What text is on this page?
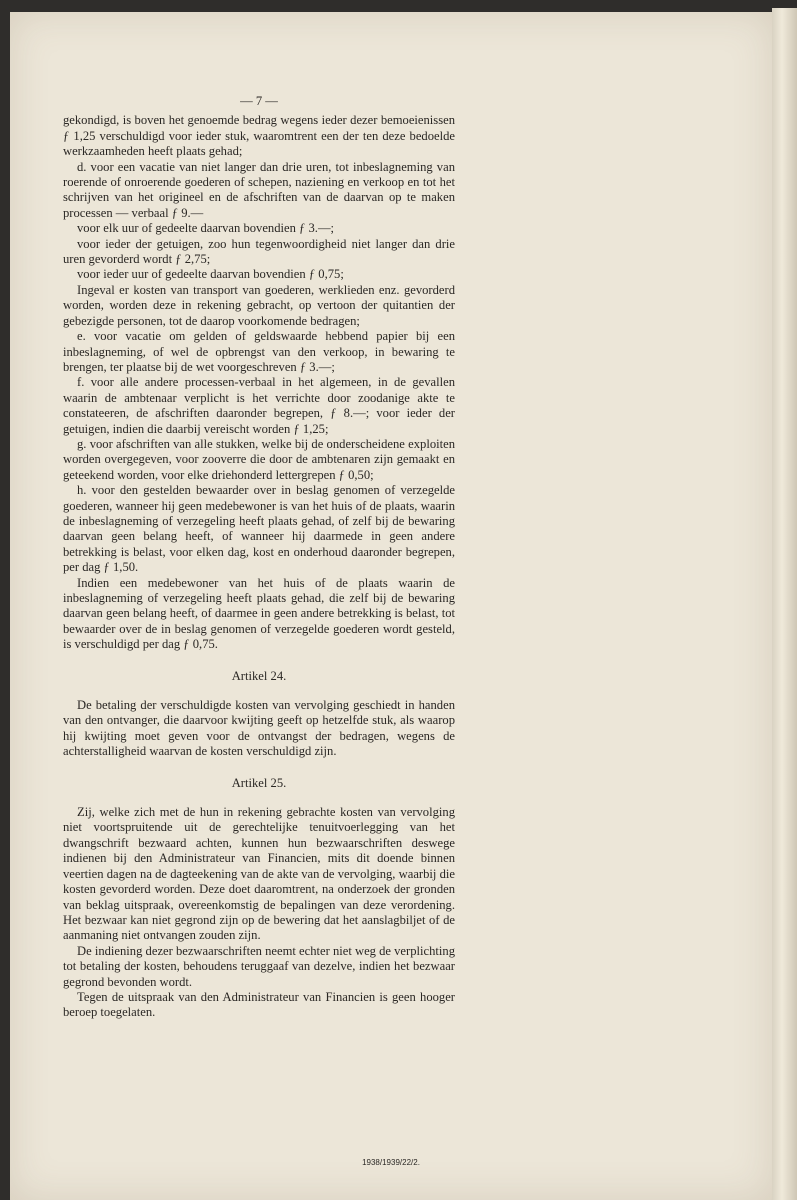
1938/1939/22/2.

— 7 —

gekondigd, is boven het genoemde bedrag wegens ieder dezer bemoeienissen ƒ 1,25 verschuldigd voor ieder stuk, waaromtrent een der ten deze bedoelde werkzaamheden heeft plaats gehad;

d. voor een vacatie van niet langer dan drie uren, tot inbeslagneming van roerende of onroerende goederen of schepen, naziening en verkoop en tot het schrijven van het origineel en de afschriften van de daarvan op te maken processen — verbaal ƒ 9.—

voor elk uur of gedeelte daarvan bovendien ƒ 3.—;

voor ieder der getuigen, zoo hun tegenwoordigheid niet langer dan drie uren gevorderd wordt ƒ 2,75;

voor ieder uur of gedeelte daarvan bovendien ƒ 0,75;

Ingeval er kosten van transport van goederen, werklieden enz. gevorderd worden, worden deze in rekening gebracht, op vertoon der quitantien der gebezigde personen, tot de daarop voorkomende bedragen;

e. voor vacatie om gelden of geldswaarde hebbend papier bij een inbeslagneming, of wel de opbrengst van den verkoop, in bewaring te brengen, ter plaatse bij de wet voorgeschreven ƒ 3.—;

f. voor alle andere processen-verbaal in het algemeen, in de gevallen waarin de ambtenaar verplicht is het verrichte door zoodanige akte te constateeren, de afschriften daaronder begrepen, ƒ 8.—; voor ieder der getuigen, indien die daarbij vereischt worden ƒ 1,25;

g. voor afschriften van alle stukken, welke bij de onderscheidene exploiten worden overgegeven, voor zooverre die door de ambtenaren zijn gemaakt en geteekend worden, voor elke driehonderd lettergrepen ƒ 0,50;

h. voor den gestelden bewaarder over in beslag genomen of verzegelde goederen, wanneer hij geen medebewoner is van het huis of de plaats, waarin de inbeslagneming of verzegeling heeft plaats gehad, of zelf bij de bewaring daarvan geen belang heeft, of wanneer hij daarmede in geen andere betrekking is belast, voor elken dag, kost en onderhoud daaronder begrepen, per dag ƒ 1,50.

Indien een medebewoner van het huis of de plaats waarin de inbeslagneming of verzegeling heeft plaats gehad, die zelf bij de bewaring daarvan geen belang heeft, of daarmee in geen andere betrekking is belast, tot bewaarder over de in beslag genomen of verzegelde goederen wordt gesteld, is verschuldigd per dag ƒ 0,75.

Artikel 24.

De betaling der verschuldigde kosten van vervolging geschiedt in handen van den ontvanger, die daarvoor kwijting geeft op hetzelfde stuk, als waarop hij kwijting moet geven voor de ontvangst der bedragen, wegens de achterstalligheid waarvan de kosten verschuldigd zijn.

Artikel 25.

Zij, welke zich met de hun in rekening gebrachte kosten van vervolging niet voortspruitende uit de gerechtelijke tenuitvoerlegging van het dwangschrift bezwaard achten, kunnen hun bezwaarschriften deswege indienen bij den Administrateur van Financien, mits dit doende binnen veertien dagen na de dagteekening van de akte van de vervolging, waarbij die kosten gevorderd worden. Deze doet daaromtrent, na onderzoek der gronden van beklag uitspraak, overeenkomstig de bepalingen van deze verordening. Het bezwaar kan niet gegrond zijn op de bewering dat het aanslagbiljet of de aanmaning niet ontvangen zouden zijn.

De indiening dezer bezwaarschriften neemt echter niet weg de verplichting tot betaling der kosten, behoudens teruggaaf van dezelve, indien het bezwaar gegrond bevonden wordt.

Tegen de uitspraak van den Administrateur van Financien is geen hooger beroep toegelaten.
